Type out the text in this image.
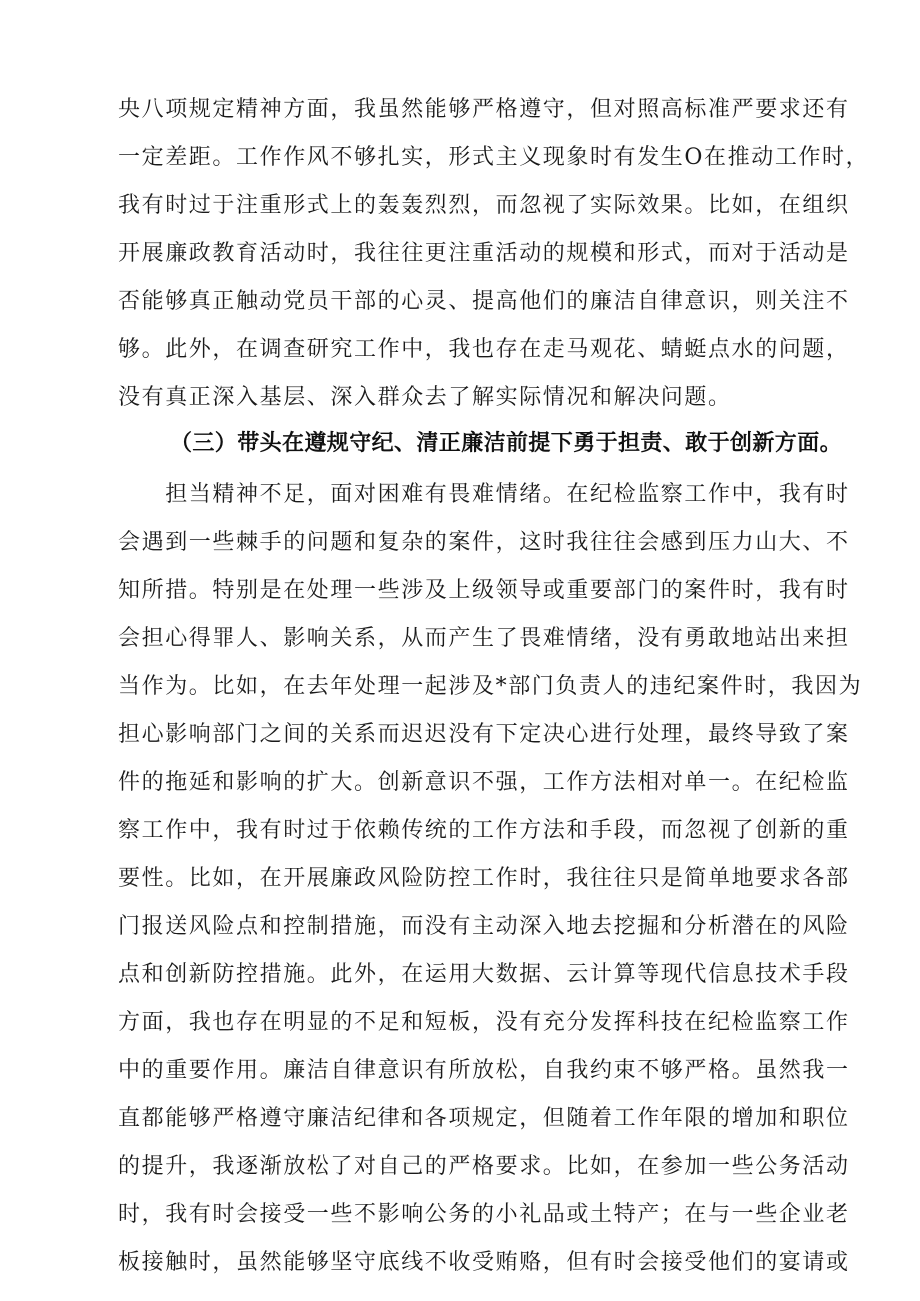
央八项规定精神方面，我虽然能够严格遵守，但对照高标准严要求还有
一定差距。工作作风不够扎实，形式主义现象时有发生O在推动工作时，
我有时过于注重形式上的轰轰烈烈，而忽视了实际效果。比如，在组织
开展廉政教育活动时，我往往更注重活动的规模和形式，而对于活动是
否能够真正触动党员干部的心灵、提高他们的廉洁自律意识，则关注不
够。此外，在调查研究工作中，我也存在走马观花、蜻蜓点水的问题，
没有真正深入基层、深入群众去了解实际情况和解决问题。
（三）带头在遵规守纪、清正廉洁前提下勇于担责、敢于创新方面。
　　担当精神不足，面对困难有畏难情绪。在纪检监察工作中，我有时
会遇到一些棘手的问题和复杂的案件，这时我往往会感到压力山大、不
知所措。特别是在处理一些涉及上级领导或重要部门的案件时，我有时
会担心得罪人、影响关系，从而产生了畏难情绪，没有勇敢地站出来担
当作为。比如，在去年处理一起涉及*部门负责人的违纪案件时，我因为
担心影响部门之间的关系而迟迟没有下定决心进行处理，最终导致了案
件的拖延和影响的扩大。创新意识不强，工作方法相对单一。在纪检监
察工作中，我有时过于依赖传统的工作方法和手段，而忽视了创新的重
要性。比如，在开展廉政风险防控工作时，我往往只是简单地要求各部
门报送风险点和控制措施，而没有主动深入地去挖掘和分析潜在的风险
点和创新防控措施。此外，在运用大数据、云计算等现代信息技术手段
方面，我也存在明显的不足和短板，没有充分发挥科技在纪检监察工作
中的重要作用。廉洁自律意识有所放松，自我约束不够严格。虽然我一
直都能够严格遵守廉洁纪律和各项规定，但随着工作年限的增加和职位
的提升，我逐渐放松了对自己的严格要求。比如，在参加一些公务活动
时，我有时会接受一些不影响公务的小礼品或土特产；在与一些企业老
板接触时，虽然能够坚守底线不收受贿赂，但有时会接受他们的宴请或
